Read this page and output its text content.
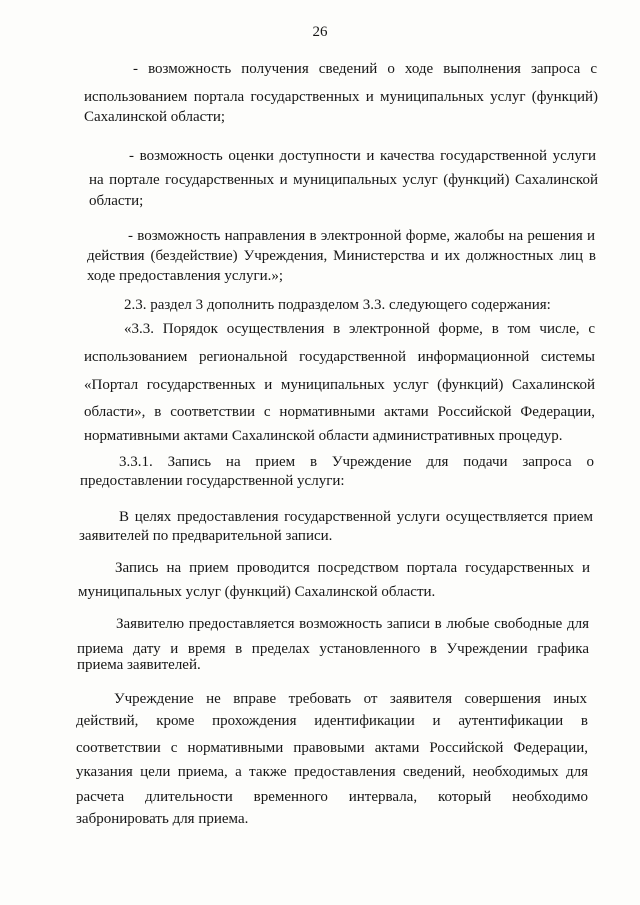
26
- возможность получения сведений о ходе выполнения запроса с
использованием портала государственных и муниципальных услуг (функций)
Сахалинской области;
- возможность оценки доступности и качества государственной услуги
на портале государственных и муниципальных услуг (функций) Сахалинской
области;
- возможность направления в электронной форме, жалобы на решения и
действия (бездействие) Учреждения, Министерства и их должностных лиц в
ходе предоставления услуги.»;
2.3. раздел 3 дополнить подразделом 3.3. следующего содержания:
«3.3. Порядок осуществления в электронной форме, в том числе, с
использованием региональной государственной информационной системы
«Портал государственных и муниципальных услуг (функций) Сахалинской
области», в соответствии с нормативными актами Российской Федерации,
нормативными актами Сахалинской области административных процедур.
3.3.1. Запись на прием в Учреждение для подачи запроса о
предоставлении государственной услуги:
В целях предоставления государственной услуги осуществляется прием
заявителей по предварительной записи.
Запись на прием проводится посредством портала государственных и
муниципальных услуг (функций) Сахалинской области.
Заявителю предоставляется возможность записи в любые свободные для
приема дату и время в пределах установленного в Учреждении графика
приема заявителей.
Учреждение не вправе требовать от заявителя совершения иных
действий, кроме прохождения идентификации и аутентификации в
соответствии с нормативными правовыми актами Российской Федерации,
указания цели приема, а также предоставления сведений, необходимых для
расчета длительности временного интервала, который необходимо
забронировать для приема.
